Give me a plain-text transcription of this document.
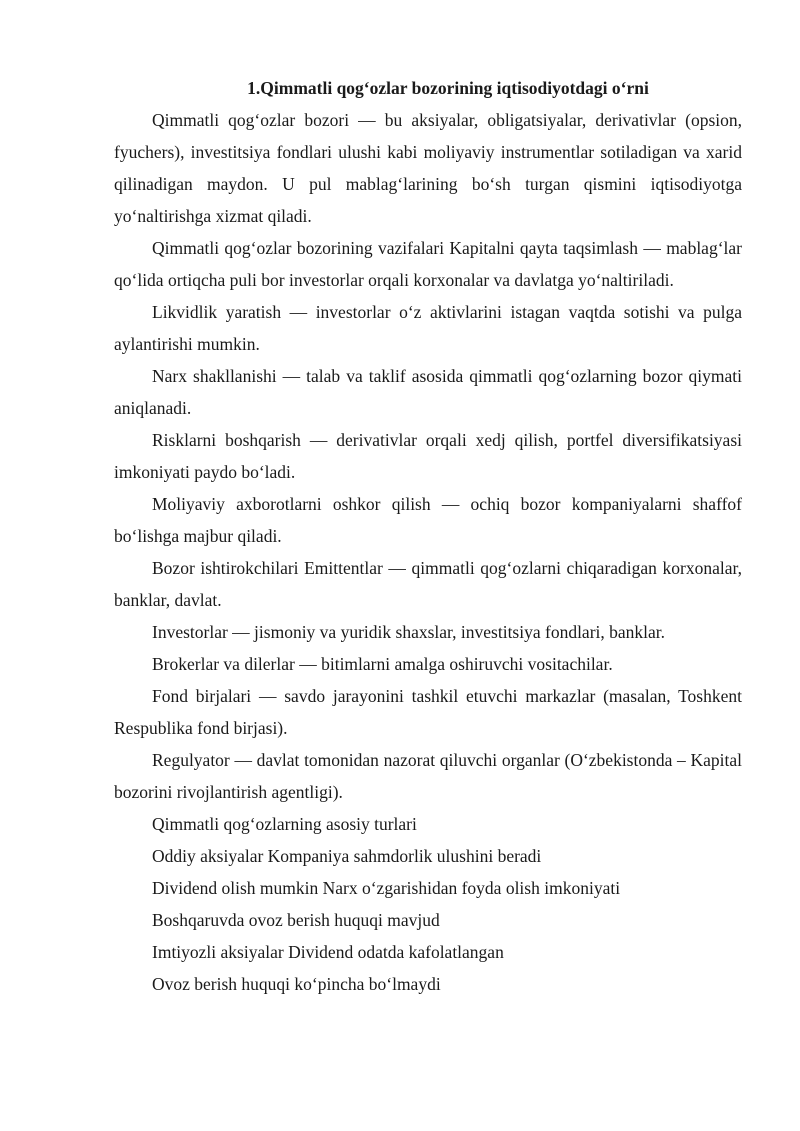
1.Qimmatli qog‘ozlar bozorining iqtisodiyotdagi o‘rni

Qimmatli qog‘ozlar bozori — bu aksiyalar, obligatsiyalar, derivativlar (opsion, fyuchers), investitsiya fondlari ulushi kabi moliyaviy instrumentlar sotiladigan va xarid qilinadigan maydon. U pul mablag‘larining bo‘sh turgan qismini iqtisodiyotga yo‘naltirishga xizmat qiladi.

Qimmatli qog‘ozlar bozorining vazifalari Kapitalni qayta taqsimlash — mablag‘lar qo‘lida ortiqcha puli bor investorlar orqali korxonalar va davlatga yo‘naltiriladi.

Likvidlik yaratish — investorlar o‘z aktivlarini istagan vaqtda sotishi va pulga aylantirishi mumkin.

Narx shakllanishi — talab va taklif asosida qimmatli qog‘ozlarning bozor qiymati aniqlanadi.

Risklarni boshqarish — derivativlar orqali xedj qilish, portfel diversifikatsiyasi imkoniyati paydo bo‘ladi.

Moliyaviy axborotlarni oshkor qilish — ochiq bozor kompaniyalarni shaffof bo‘lishga majbur qiladi.

Bozor ishtirokchilari Emittentlar — qimmatli qog‘ozlarni chiqaradigan korxonalar, banklar, davlat.

Investorlar — jismoniy va yuridik shaxslar, investitsiya fondlari, banklar.

Brokerlar va dilerlar — bitimlarni amalga oshiruvchi vositachilar.

Fond birjalari — savdo jarayonini tashkil etuvchi markazlar (masalan, Toshkent Respublika fond birjasi).

Regulyator — davlat tomonidan nazorat qiluvchi organlar (O‘zbekistonda – Kapital bozorini rivojlantirish agentligi).

Qimmatli qog‘ozlarning asosiy turlari

Oddiy aksiyalar Kompaniya sahmdorlik ulushini beradi

Dividend olish mumkin Narx o‘zgarishidan foyda olish imkoniyati

Boshqaruvda ovoz berish huquqi mavjud

Imtiyozli aksiyalar Dividend odatda kafolatlangan

Ovoz berish huquqi ko‘pincha bo‘lmaydi
